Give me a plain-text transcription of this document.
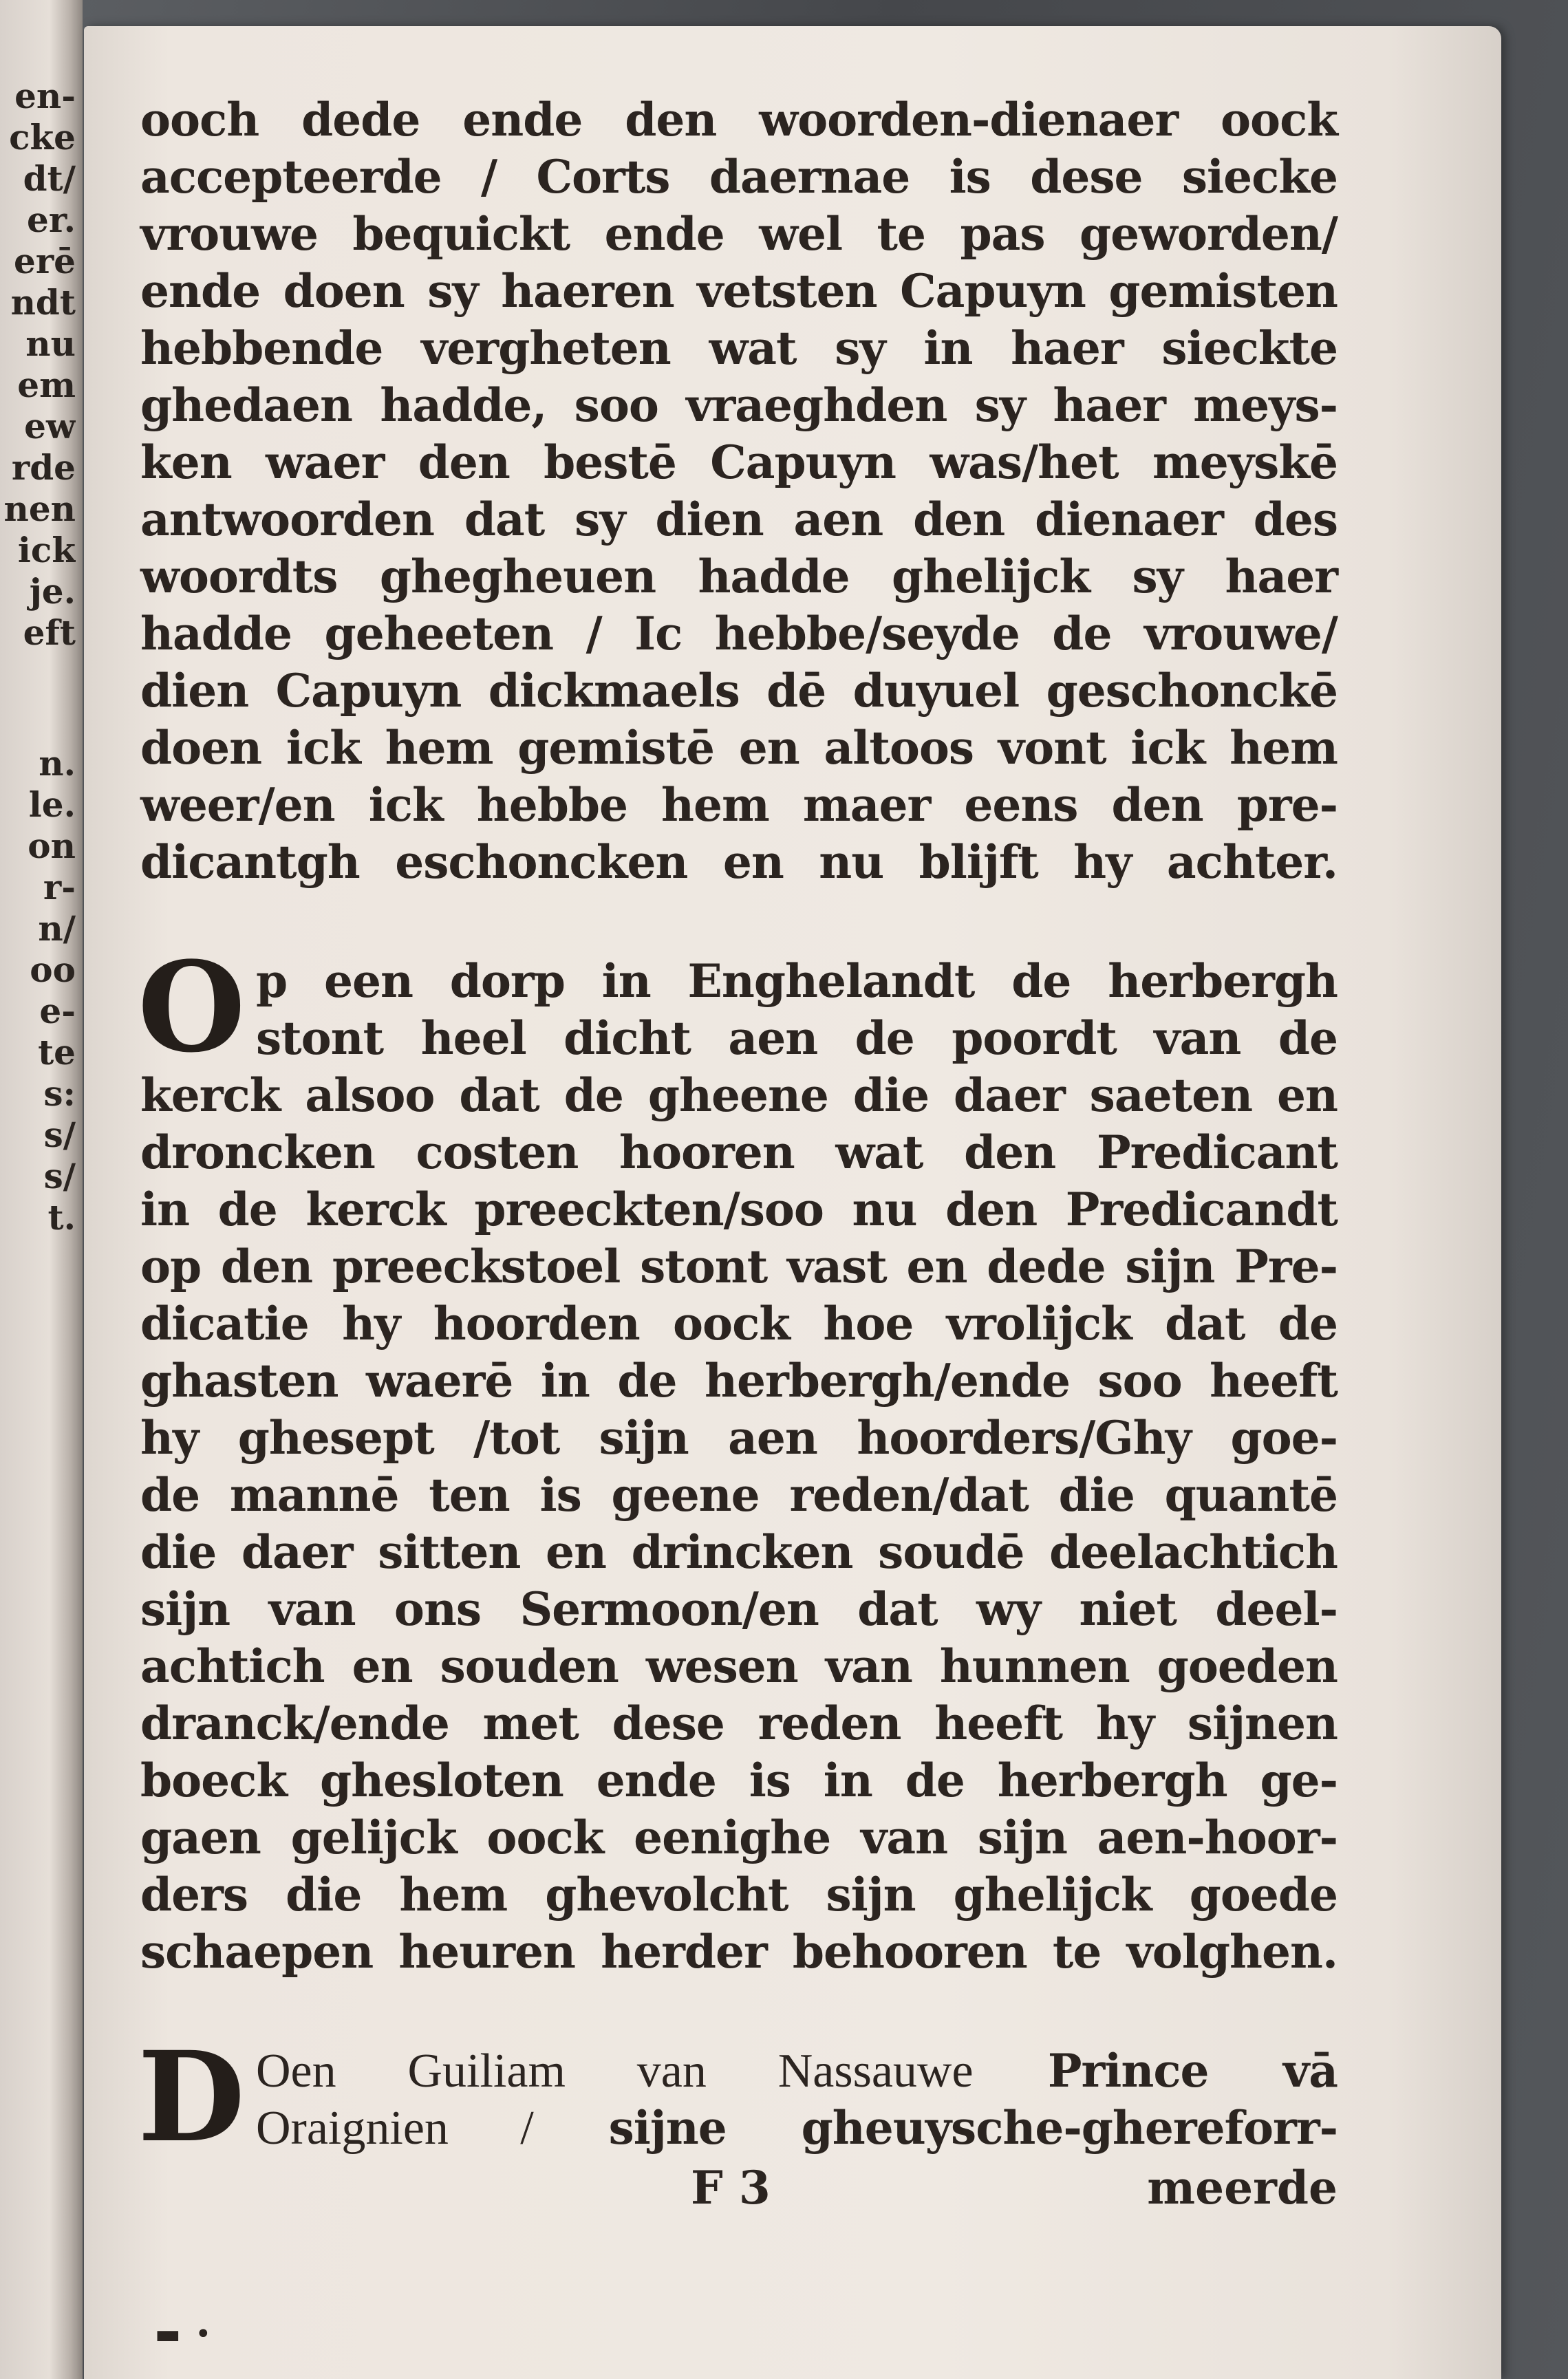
en-
cke
dt/
er.
erē
ndt
nu
em
ew
rde
nen
ick
je.
eft
n.
le.
on
r-
n/
oo
e-
te
s:
s/
s/
t.
ooch dede ende den woorden-dienaer oock
accepteerde / Corts daernae is dese siecke
vrouwe bequickt ende wel te pas geworden/
ende doen sy haeren vetsten Capuyn gemisten
hebbende vergheten wat sy in haer sieckte
ghedaen hadde, soo vraeghden sy haer meys-
ken waer den bestē Capuyn was/het meyskē
antwoorden dat sy dien aen den dienaer des
woordts ghegheuen hadde ghelijck sy haer
hadde geheeten / Ic hebbe/seyde de vrouwe/
dien Capuyn dickmaels dē duyuel geschonckē
doen ick hem gemistē en altoos vont ick hem
weer/en ick hebbe hem maer eens den pre-
dicantgh eschoncken en nu blijft hy achter.
O p een dorp in Enghelandt de herbergh
stont heel dicht aen de poordt van de
kerck alsoo dat de gheene die daer saeten en
droncken costen hooren wat den Predicant
in de kerck preeckten/soo nu den Predicandt
op den preeckstoel stont vast en dede sijn Pre-
dicatie hy hoorden oock hoe vrolijck dat de
ghasten waerē in de herbergh/ende soo heeft
hy ghesept /tot sijn aen hoorders/Ghy goe-
de mannē ten is geene reden/dat die quantē
die daer sitten en drincken soudē deelachtich
sijn van ons Sermoon/en dat wy niet deel-
achtich en souden wesen van hunnen goeden
dranck/ende met dese reden heeft hy sijnen
boeck ghesloten ende is in de herbergh ge-
gaen gelijck oock eenighe van sijn aen-hoor-
ders die hem ghevolcht sijn ghelijck goede
schaepen heuren herder behooren te volghen.
D Oen Guiliam van Nassauwe Prince vā
Oraignien / sijne gheuysche-ghereforr-
F 3	meerde
▬ •
